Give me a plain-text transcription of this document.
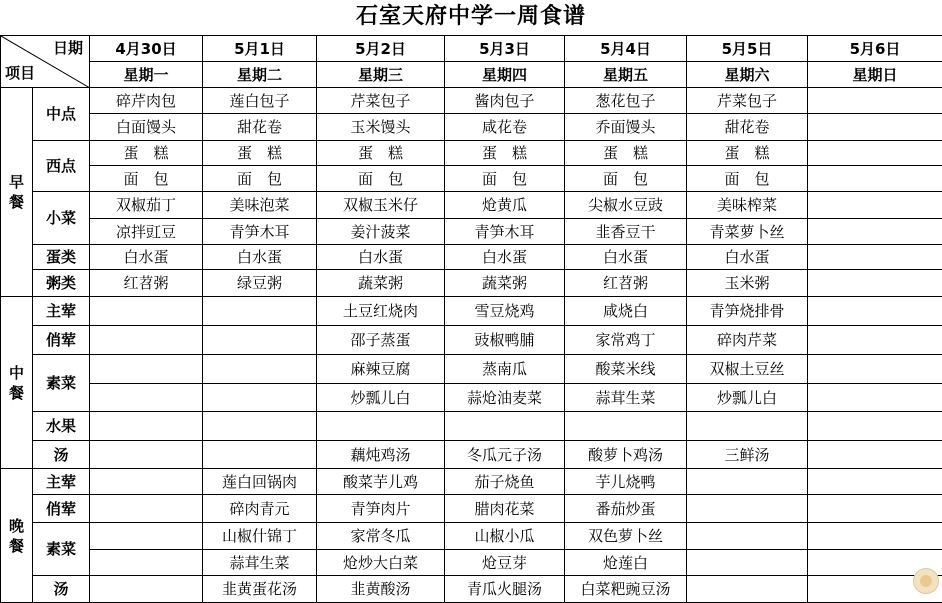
石室天府中学一周食谱
日期
项目		4月30日	5月1日	5月2日	5月3日	5月4日	5月5日	5月6日
		星期一	星期二	星期三	星期四	星期五	星期六	星期日

早
餐	中点	碎芹肉包	莲白包子	芹菜包子	酱肉包子	葱花包子	芹菜包子	
		白面馒头	甜花卷	玉米馒头	咸花卷	乔面馒头	甜花卷	
	西点	蛋　糕	蛋　糕	蛋　糕	蛋　糕	蛋　糕	蛋　糕	
		面　包	面　包	面　包	面　包	面　包	面　包	
	小菜	双椒茄丁	美味泡菜	双椒玉米仔	炝黄瓜	尖椒水豆豉	美味榨菜	
		凉拌豇豆	青笋木耳	姜汁菠菜	青笋木耳	韭香豆干	青菜萝卜丝	
	蛋类	白水蛋	白水蛋	白水蛋	白水蛋	白水蛋	白水蛋	
	粥类	红苕粥	绿豆粥	蔬菜粥	蔬菜粥	红苕粥	玉米粥	

中
餐	主荤			土豆红烧肉	雪豆烧鸡	咸烧白	青笋烧排骨	
	俏荤			邵子蒸蛋	豉椒鸭脯	家常鸡丁	碎肉芹菜	
	素菜			麻辣豆腐	蒸南瓜	酸菜米线	双椒土豆丝	
				炒瓢儿白	蒜炝油麦菜	蒜茸生菜	炒瓢儿白	
	水果							
	汤			藕炖鸡汤	冬瓜元子汤	酸萝卜鸡汤	三鲜汤	

晚
餐	主荤		莲白回锅肉	酸菜芋儿鸡	茄子烧鱼	芋儿烧鸭		
	俏荤		碎肉青元	青笋肉片	腊肉花菜	番茄炒蛋		
	素菜		山椒什锦丁	家常冬瓜	山椒小瓜	双色萝卜丝		
			蒜茸生菜	炝炒大白菜	炝豆芽	炝莲白		
	汤		韭黄蛋花汤	韭黄酸汤	青瓜火腿汤	白菜粑豌豆汤		
